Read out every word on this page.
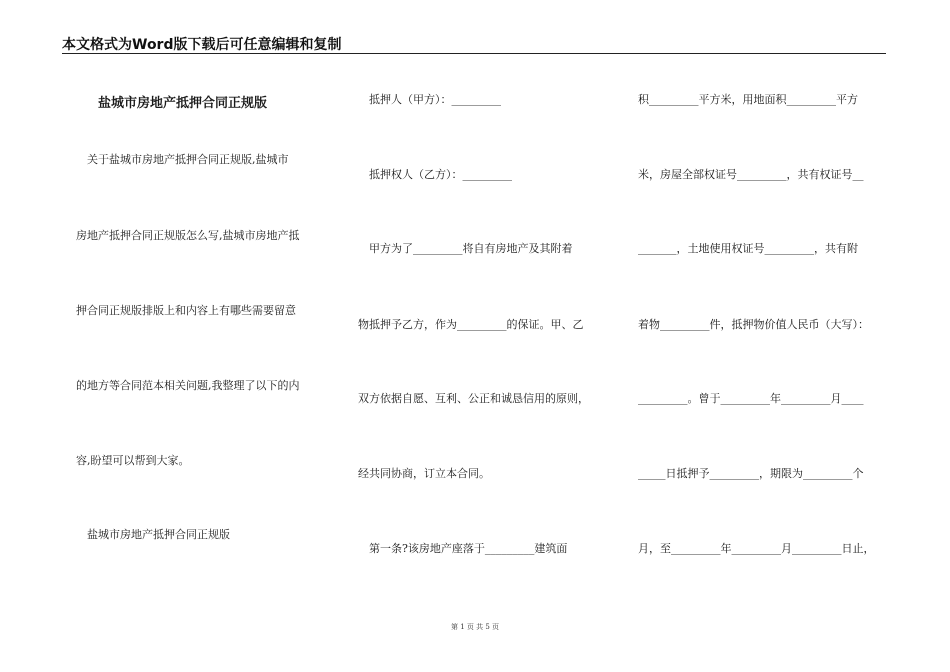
本文格式为Word版下载后可任意编辑和复制
盐城市房地产抵押合同正规版
　关于盐城市房地产抵押合同正规版,盐城市
房地产抵押合同正规版怎么写,盐城市房地产抵
押合同正规版排版上和内容上有哪些需要留意
的地方等合同范本相关问题,我整理了以下的内
容,盼望可以帮到大家。
　盐城市房地产抵押合同正规版
　抵押人（甲方）：_________
　抵押权人（乙方）：_________
　甲方为了_________将自有房地产及其附着
物抵押予乙方，作为_________的保证。甲、乙
双方依据自愿、互利、公正和诚恳信用的原则，
经共同协商，订立本合同。
　第一条?该房地产座落于_________建筑面
积_________平方米，用地面积_________平方
米，房屋全部权证号_________，共有权证号__
_______，土地使用权证号_________，共有附
着物_________件，抵押物价值人民币（大写）：
_________。曾于_________年_________月____
_____日抵押予_________，期限为_________个
月，至_________年_________月_________日止，
第 1 页 共 5 页
